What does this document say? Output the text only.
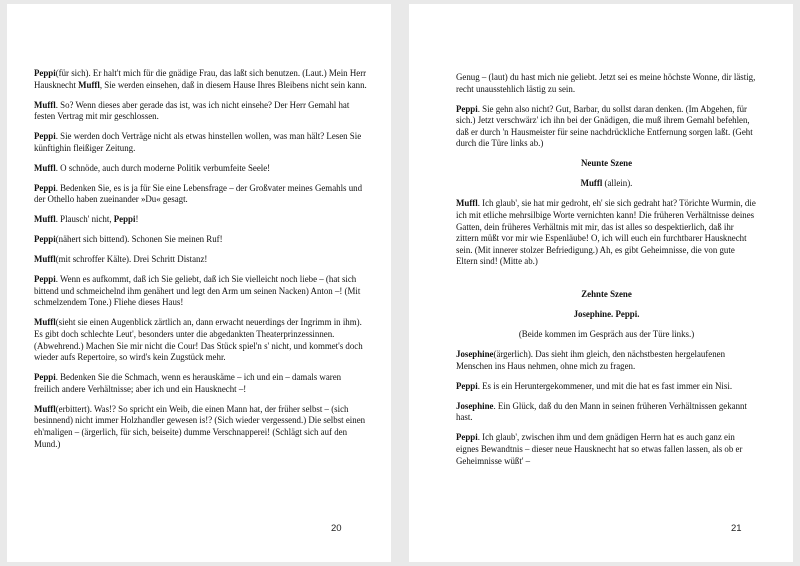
Peppi(für sich). Er halt't mich für die gnädige Frau, das laßt sich benutzen. (Laut.) Mein Herr Hausknecht Muffl, Sie werden einsehen, daß in diesem Hause Ihres Bleibens nicht sein kann.

Muffl. So? Wenn dieses aber gerade das ist, was ich nicht einsehe? Der Herr Gemahl hat festen Vertrag mit mir geschlossen.

Peppi. Sie werden doch Verträge nicht als etwas hinstellen wollen, was man hält? Lesen Sie künftighin fleißiger Zeitung.

Muffl. O schnöde, auch durch moderne Politik verbumfeite Seele!

Peppi. Bedenken Sie, es is ja für Sie eine Lebensfrage – der Großvater meines Gemahls und der Othello haben zueinander »Du« gesagt.

Muffl. Plausch' nicht, Peppi!

Peppi(nähert sich bittend). Schonen Sie meinen Ruf!

Muffl(mit schroffer Kälte). Drei Schritt Distanz!

Peppi. Wenn es aufkommt, daß ich Sie geliebt, daß ich Sie vielleicht noch liebe – (hat sich bittend und schmeichelnd ihm genähert und legt den Arm um seinen Nacken) Anton –! (Mit schmelzendem Tone.) Fliehe dieses Haus!

Muffl(sieht sie einen Augenblick zärtlich an, dann erwacht neuerdings der Ingrimm in ihm). Es gibt doch schlechte Leut', besonders unter die abgedankten Theaterprinzessinnen. (Abwehrend.) Machen Sie mir nicht die Cour! Das Stück spiel'n s' nicht, und kommet's doch wieder aufs Repertoire, so wird's kein Zugstück mehr.

Peppi. Bedenken Sie die Schmach, wenn es herauskäme – ich und ein – damals waren freilich andere Verhältnisse; aber ich und ein Hausknecht –!

Muffl(erbittert). Was!? So spricht ein Weib, die einen Mann hat, der früher selbst – (sich besinnend) nicht immer Holzhandler gewesen is!? (Sich wieder vergessend.) Die selbst einen eh'maligen – (ärgerlich, für sich, beiseite) dumme Verschnapperei! (Schlägt sich auf den Mund.)

20

Genug – (laut) du hast mich nie geliebt. Jetzt sei es meine höchste Wonne, dir lästig, recht unausstehlich lästig zu sein.

Peppi. Sie gehn also nicht? Gut, Barbar, du sollst daran denken. (Im Abgehen, für sich.) Jetzt verschwärz' ich ihn bei der Gnädigen, die muß ihrem Gemahl befehlen, daß er durch 'n Hausmeister für seine nachdrückliche Entfernung sorgen laßt. (Geht durch die Türe links ab.)

Neunte Szene

Muffl (allein).

Muffl. Ich glaub', sie hat mir gedroht, eh' sie sich gedraht hat? Törichte Wurmin, die ich mit etliche mehrsilbige Worte vernichten kann! Die früheren Verhältnisse deines Gatten, dein früheres Verhältnis mit mir, das ist alles so despektierlich, daß ihr zittern müßt vor mir wie Espenläube! O, ich will euch ein furchtbarer Hausknecht sein. (Mit innerer stolzer Befriedigung.) Ah, es gibt Geheimnisse, die von gute Eltern sind! (Mitte ab.)

Zehnte Szene

Josephine. Peppi.

(Beide kommen im Gespräch aus der Türe links.)

Josephine(ärgerlich). Das sieht ihm gleich, den nächstbesten hergelaufenen Menschen ins Haus nehmen, ohne mich zu fragen.

Peppi. Es is ein Heruntergekommener, und mit die hat es fast immer ein Nisi.

Josephine. Ein Glück, daß du den Mann in seinen früheren Verhältnissen gekannt hast.

Peppi. Ich glaub', zwischen ihm und dem gnädigen Herrn hat es auch ganz ein eignes Bewandtnis – dieser neue Hausknecht hat so etwas fallen lassen, als ob er Geheimnisse wüßt' –

21
